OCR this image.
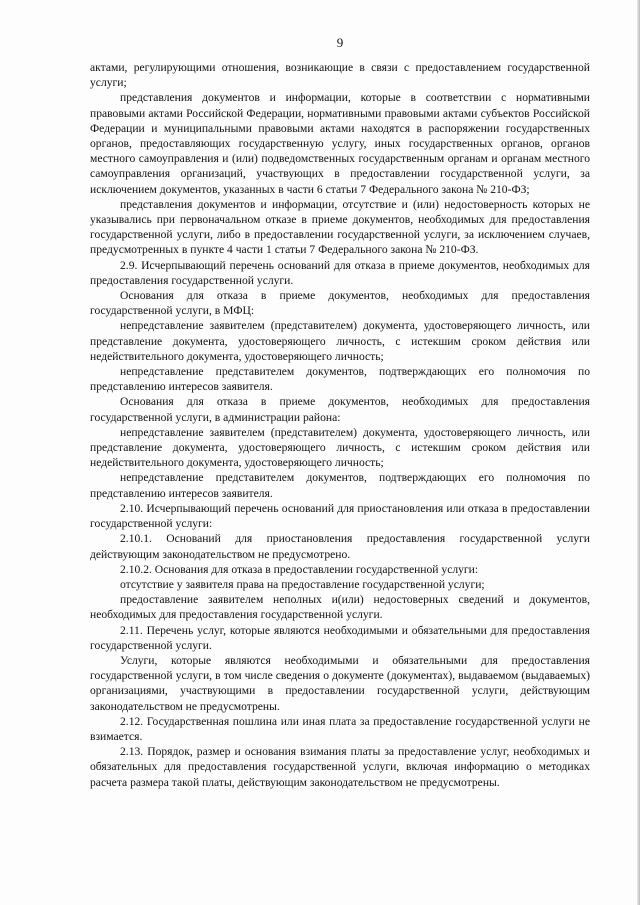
9

актами, регулирующими отношения, возникающие в связи с предоставлением государственной услуги;

представления документов и информации, которые в соответствии с нормативными правовыми актами Российской Федерации, нормативными правовыми актами субъектов Российской Федерации и муниципальными правовыми актами находятся в распоряжении государственных органов, предоставляющих государственную услугу, иных государственных органов, органов местного самоуправления и (или) подведомственных государственным органам и органам местного самоуправления организаций, участвующих в предоставлении государственной услуги, за исключением документов, указанных в части 6 статьи 7 Федерального закона № 210-ФЗ;

представления документов и информации, отсутствие и (или) недостоверность которых не указывались при первоначальном отказе в приеме документов, необходимых для предоставления государственной услуги, либо в предоставлении государственной услуги, за исключением случаев, предусмотренных в пункте 4 части 1 статьи 7 Федерального закона № 210-ФЗ.

2.9. Исчерпывающий перечень оснований для отказа в приеме документов, необходимых для предоставления государственной услуги.

Основания для отказа в приеме документов, необходимых для предоставления государственной услуги, в МФЦ:

непредставление заявителем (представителем) документа, удостоверяющего личность, или представление документа, удостоверяющего личность, с истекшим сроком действия или недействительного документа, удостоверяющего личность;

непредставление представителем документов, подтверждающих его полномочия по представлению интересов заявителя.

Основания для отказа в приеме документов, необходимых для предоставления государственной услуги, в администрации района:

непредставление заявителем (представителем) документа, удостоверяющего личность, или представление документа, удостоверяющего личность, с истекшим сроком действия или недействительного документа, удостоверяющего личность;

непредставление представителем документов, подтверждающих его полномочия по представлению интересов заявителя.

2.10. Исчерпывающий перечень оснований для приостановления или отказа в предоставлении государственной услуги:

2.10.1. Оснований для приостановления предоставления государственной услуги действующим законодательством не предусмотрено.

2.10.2. Основания для отказа в предоставлении государственной услуги:

отсутствие у заявителя права на предоставление государственной услуги;

предоставление заявителем неполных и(или) недостоверных сведений и документов, необходимых для предоставления государственной услуги.

2.11. Перечень услуг, которые являются необходимыми и обязательными для предоставления государственной услуги.

Услуги, которые являются необходимыми и обязательными для предоставления государственной услуги, в том числе сведения о документе (документах), выдаваемом (выдаваемых) организациями, участвующими в предоставлении государственной услуги, действующим законодательством не предусмотрены.

2.12. Государственная пошлина или иная плата за предоставление государственной услуги не взимается.

2.13. Порядок, размер и основания взимания платы за предоставление услуг, необходимых и обязательных для предоставления государственной услуги, включая информацию о методиках расчета размера такой платы, действующим законодательством не предусмотрены.
